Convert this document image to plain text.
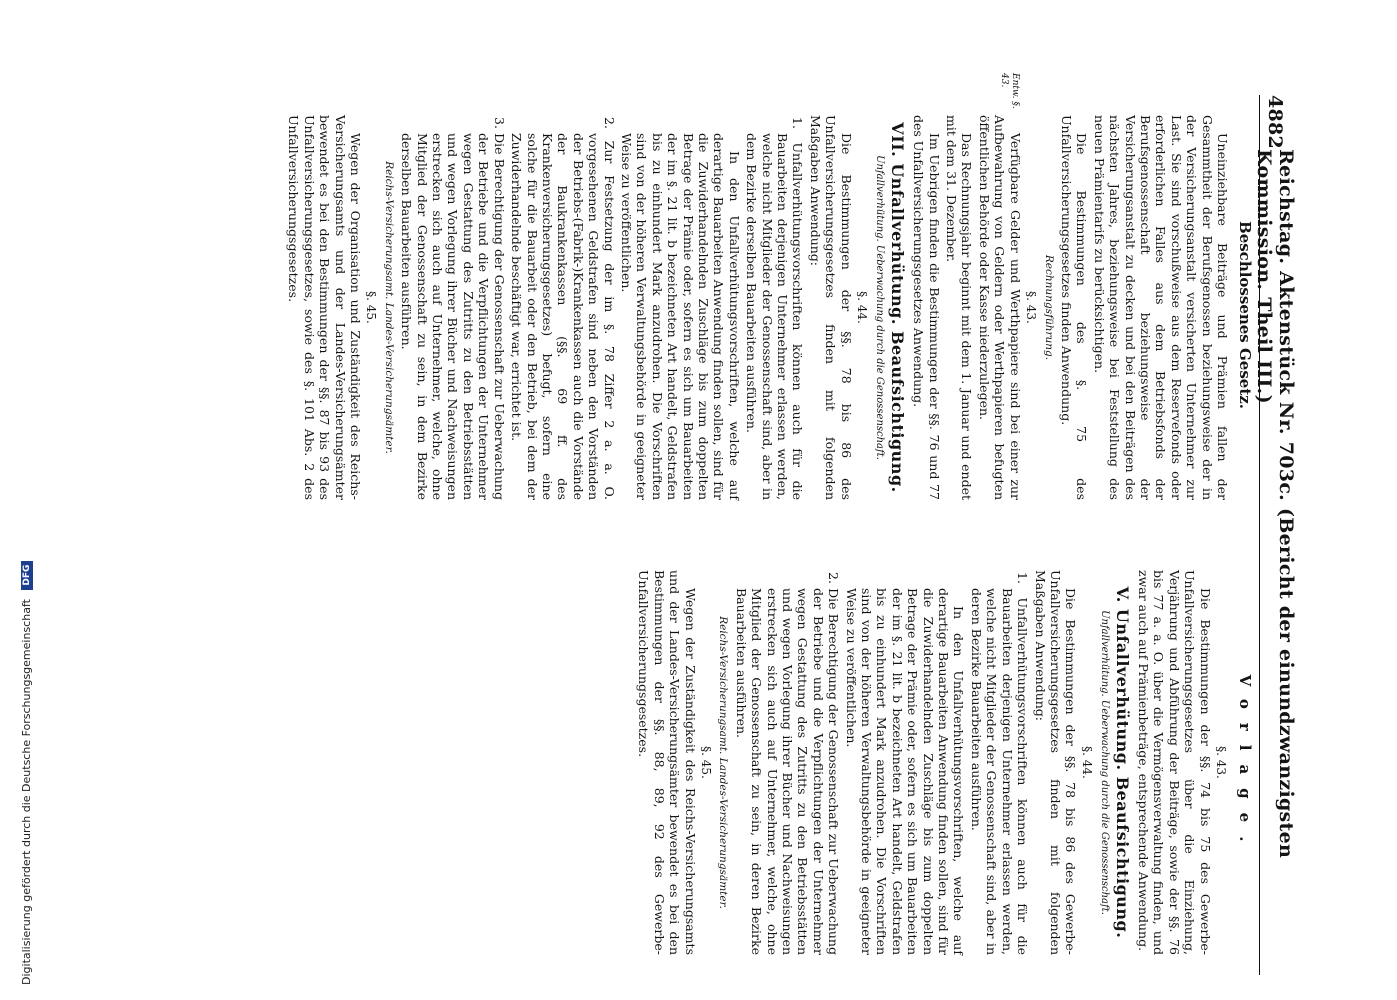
Digitalisierung gefördert durch die Deutsche Forschungsgemeinschaft DFG
4882
Reichstag. Aktenstück Nr. 703c. (Bericht der einundzwanzigsten Kommission. Theil III.)
Beschlossenes Gesetz.
Vorlage.
Entw. §. 43.

Uneinziehbare Beiträge und Prämien fallen der Gesammtheit der Berufsgenossen beziehungsweise der in der Versicherungsanstalt versicherten Unternehmer zur Last. Sie sind vorschußweise aus dem Reservefonds oder erforderlichen Falles aus dem Betriebsfonds der Berufsgenossenschaft beziehungsweise der Versicherungsanstalt zu decken und bei den Beiträgen des nächsten Jahres, beziehungsweise bei Feststellung des neuen Prämientarifs zu berücksichtigen.

Die Bestimmungen des §. 75 des Unfallversicherungsgesetzes finden Anwendung.

Rechnungsführung.
§. 43.

Verfügbare Gelder und Werthpapiere sind bei einer zur Aufbewahrung von Geldern oder Werthpapieren befugten öffentlichen Behörde oder Kasse niederzulegen.

Das Rechnungsjahr beginnt mit dem 1. Januar und endet mit dem 31. Dezember.

Im Uebrigen finden die Bestimmungen der §§. 76 und 77 des Unfallversicherungsgesetzes Anwendung.

VII. Unfallverhütung. Beaufsichtigung.
Unfallverhütung. Ueberwachung durch die Genossenschaft.
§. 44.

Die Bestimmungen der §§. 78 bis 86 des Unfallversicherungsgesetzes finden mit folgenden Maßgaben Anwendung:

1. Unfallverhütungsvorschriften können auch für die Bauarbeiten derjenigen Unternehmer erlassen werden, welche nicht Mitglieder der Genossenschaft sind, aber in dem Bezirke derselben Bauarbeiten ausführen.

In den Unfallverhütungsvorschriften, welche auf derartige Bauarbeiten Anwendung finden sollen, sind für die Zuwiderhandelnden Zuschläge bis zum doppelten Betrage der Prämie oder, sofern es sich um Bauarbeiten der im §. 21 lit. b bezeichneten Art handelt, Geldstrafen bis zu einhundert Mark anzudrohen. Die Vorschriften sind von der höheren Verwaltungsbehörde in geeigneter Weise zu veröffentlichen.

2. Zur Festsetzung der im §. 78 Ziffer 2 a. a. O. vorgesehenen Geldstrafen sind neben den Vorständen der Betriebs-(Fabrik-)Krankenkassen auch die Vorstände der Baukrankenkassen (§§. 69 ff. des Krankenversicherungsgesetzes) befugt, sofern eine solche für die Bauarbeit oder den Betrieb, bei dem der Zuwiderhandelnde beschäftigt war, errichtet ist.

3. Die Berechtigung der Genossenschaft zur Ueberwachung der Betriebe und die Verpflichtungen der Unternehmer wegen Gestattung des Zutritts zu den Betriebsstätten und wegen Vorlegung ihrer Bücher und Nachweisungen erstrecken sich auch auf Unternehmer, welche, ohne Mitglied der Genossenschaft zu sein, in dem Bezirke derselben Bauarbeiten ausführen.

Reichs-Versicherungsamt. Landes-Versicherungsämter.
§. 45.

Wegen der Organisation und Zuständigkeit des Reichs-Versicherungsamts und der Landes-Versicherungsämter bewendet es bei den Bestimmungen der §§. 87 bis 93 des Unfallversicherungsgesetzes, sowie des §. 101 Abs. 2 des Unfallversicherungsgesetzes.

§. 43.

Die Bestimmungen der §§. 74 bis 75 des Gewerbe-Unfallversicherungsgesetzes über die Einziehung, Verjährung und Abführung der Beiträge, sowie der §§. 76 bis 77 a. a. O. über die Vermögensverwaltung finden, und zwar auch auf Prämienbeträge, entsprechende Anwendung.

V. Unfallverhütung. Beaufsichtigung.
Unfallverhütung. Ueberwachung durch die Genossenschaft.
§. 44.

Die Bestimmungen der §§. 78 bis 86 des Gewerbe-Unfallversicherungsgesetzes finden mit folgenden Maßgaben Anwendung:

1. Unfallverhütungsvorschriften können auch für die Bauarbeiten derjenigen Unternehmer erlassen werden, welche nicht Mitglieder der Genossenschaft sind, aber in deren Bezirke Bauarbeiten ausführen.

In den Unfallverhütungsvorschriften, welche auf derartige Bauarbeiten Anwendung finden sollen, sind für die Zuwiderhandelnden Zuschläge bis zum doppelten Betrage der Prämie oder, sofern es sich um Bauarbeiten der im §. 21 lit. b bezeichneten Art handelt, Geldstrafen bis zu einhundert Mark anzudrohen. Die Vorschriften sind von der höheren Verwaltungsbehörde in geeigneter Weise zu veröffentlichen.

2. Die Berechtigung der Genossenschaft zur Ueberwachung der Betriebe und die Verpflichtungen der Unternehmer wegen Gestattung des Zutritts zu den Betriebsstätten und wegen Vorlegung ihrer Bücher und Nachweisungen erstrecken sich auch auf Unternehmer, welche, ohne Mitglied der Genossenschaft zu sein, in deren Bezirke Bauarbeiten ausführen.

Reichs-Versicherungsamt. Landes-Versicherungsämter.
§. 45.

Wegen der Zuständigkeit des Reichs-Versicherungsamts und der Landes-Versicherungsämter bewendet es bei den Bestimmungen der §§. 88, 89, 92 des Gewerbe-Unfallversicherungsgesetzes.
